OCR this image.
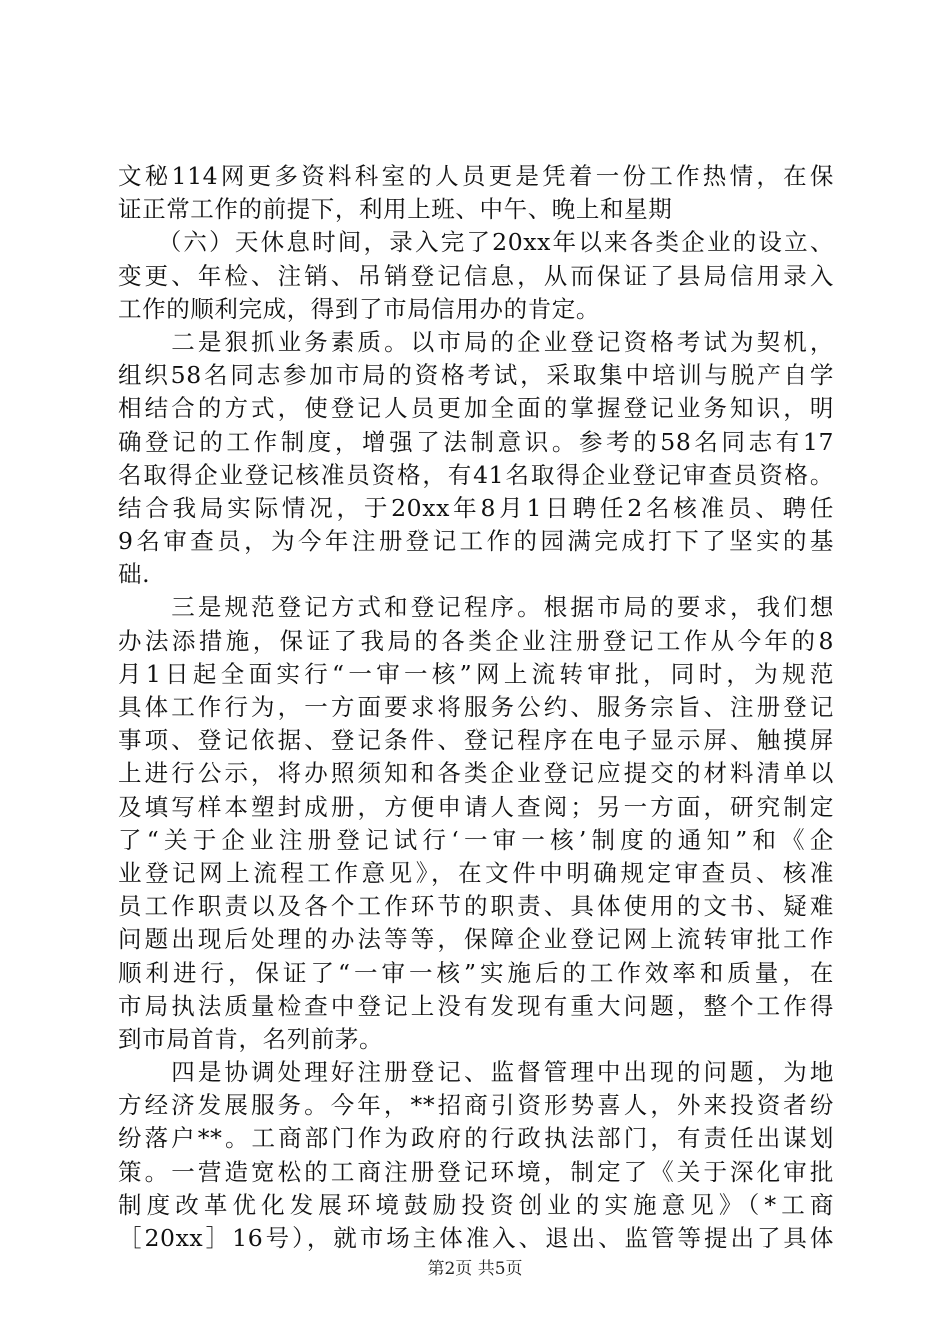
文秘114网更多资料科室的人员更是凭着一份工作热情，在保
证正常工作的前提下，利用上班、中午、晚上和星期
　　（六）天休息时间，录入完了20xx年以来各类企业的设立、
变更、年检、注销、吊销登记信息，从而保证了县局信用录入
工作的顺利完成，得到了市局信用办的肯定。
　　二是狠抓业务素质。以市局的企业登记资格考试为契机，
组织58名同志参加市局的资格考试，采取集中培训与脱产自学
相结合的方式，使登记人员更加全面的掌握登记业务知识，明
确登记的工作制度，增强了法制意识。参考的58名同志有17
名取得企业登记核准员资格，有41名取得企业登记审查员资格。
结合我局实际情况，于20xx年8月1日聘任2名核准员、聘任
9名审查员，为今年注册登记工作的园满完成打下了坚实的基
础.
　　三是规范登记方式和登记程序。根据市局的要求，我们想
办法添措施，保证了我局的各类企业注册登记工作从今年的8
月1日起全面实行“一审一核”网上流转审批，同时，为规范
具体工作行为，一方面要求将服务公约、服务宗旨、注册登记
事项、登记依据、登记条件、登记程序在电子显示屏、触摸屏
上进行公示，将办照须知和各类企业登记应提交的材料清单以
及填写样本塑封成册，方便申请人查阅；另一方面，研究制定
了“关于企业注册登记试行‘一审一核’制度的通知”和《企
业登记网上流程工作意见》，在文件中明确规定审查员、核准
员工作职责以及各个工作环节的职责、具体使用的文书、疑难
问题出现后处理的办法等等，保障企业登记网上流转审批工作
顺利进行，保证了“一审一核”实施后的工作效率和质量，在
市局执法质量检查中登记上没有发现有重大问题，整个工作得
到市局首肯，名列前茅。
　　四是协调处理好注册登记、监督管理中出现的问题，为地
方经济发展服务。今年，**招商引资形势喜人，外来投资者纷
纷落户**。工商部门作为政府的行政执法部门，有责任出谋划
策。一营造宽松的工商注册登记环境，制定了《关于深化审批
制度改革优化发展环境鼓励投资创业的实施意见》（*工商
［20xx］16号），就市场主体准入、退出、监管等提出了具体
第2页 共5页
